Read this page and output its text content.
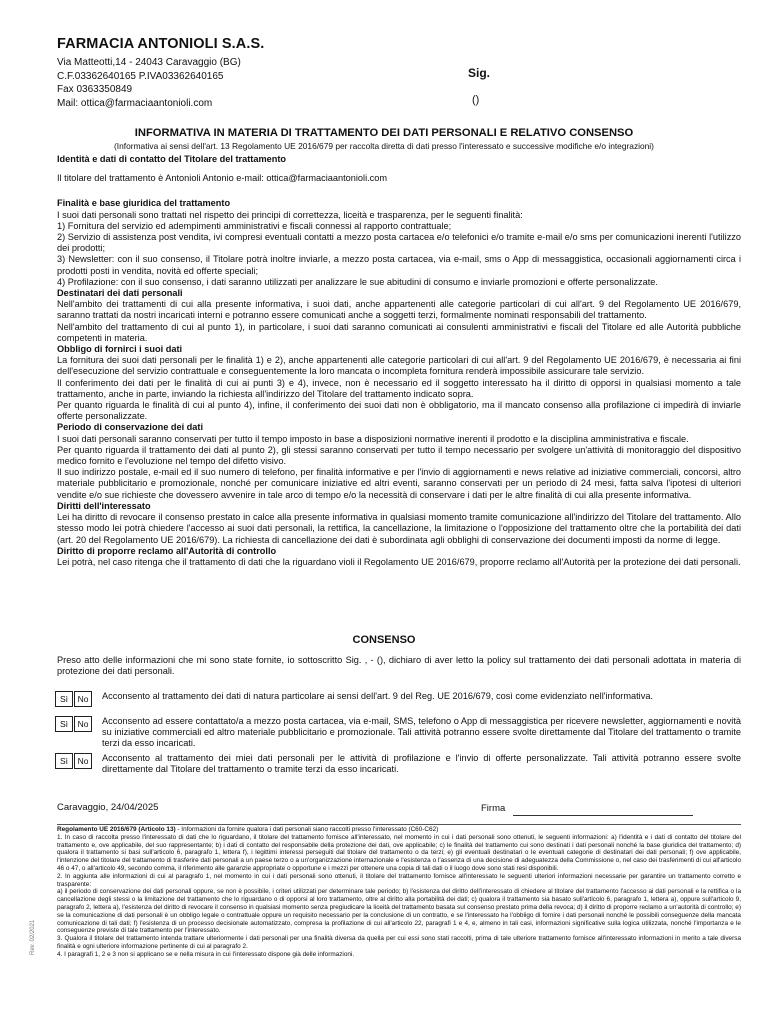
FARMACIA ANTONIOLI S.A.S.
Via Matteotti,14 - 24043 Caravaggio (BG)
C.F.03362640165 P.IVA03362640165
Fax 0363350849
Mail: ottica@farmaciaantonioli.com
Sig.
()
INFORMATIVA IN MATERIA DI TRATTAMENTO DEI DATI PERSONALI E RELATIVO CONSENSO
(Informativa ai sensi dell'art. 13 Regolamento UE 2016/679 per raccolta diretta di dati presso l'interessato e successive modifiche e/o integrazioni)

Identità e dati di contatto del Titolare del trattamento

Il titolare del trattamento è Antonioli Antonio e-mail: ottica@farmaciaantonioli.com

Finalità e base giuridica del trattamento

I suoi dati personali sono trattati nel rispetto dei principi di correttezza, liceità e trasparenza, per le seguenti finalità:

1) Fornitura del servizio ed adempimenti amministrativi e fiscali connessi al rapporto contrattuale;

2) Servizio di assistenza post vendita, ivi compresi eventuali contatti a mezzo posta cartacea e/o telefonici e/o tramite e-mail e/o sms per comunicazioni inerenti l'utilizzo dei prodotti;

3) Newsletter: con il suo consenso, il Titolare potrà inoltre inviarle, a mezzo posta cartacea, via e-mail, sms o App di messaggistica, occasionali aggiornamenti circa i prodotti posti in vendita, novità ed offerte speciali;

4) Profilazione: con il suo consenso, i dati saranno utilizzati per analizzare le sue abitudini di consumo e inviarle promozioni e offerte personalizzate.

Destinatari dei dati personali

Nell'ambito dei trattamenti di cui alla presente informativa, i suoi dati, anche appartenenti alle categorie particolari di cui all'art. 9 del Regolamento UE 2016/679, saranno trattati da nostri incaricati interni e potranno essere comunicati anche a soggetti terzi, formalmente nominati responsabili del trattamento.

Nell'ambito del trattamento di cui al punto 1), in particolare, i suoi dati saranno comunicati ai consulenti amministrativi e fiscali del Titolare ed alle Autorità pubbliche competenti in materia.

Obbligo di fornirci i suoi dati

La fornitura dei suoi dati personali per le finalità 1) e 2), anche appartenenti alle categorie particolari di cui all'art. 9 del Regolamento UE 2016/679, è necessaria ai fini dell'esecuzione del servizio contrattuale e conseguentemente la loro mancata o incompleta fornitura renderà impossibile assicurare tale servizio.

Il conferimento dei dati per le finalità di cui ai punti 3) e 4), invece, non è necessario ed il soggetto interessato ha il diritto di opporsi in qualsiasi momento a tale trattamento, anche in parte, inviando la richiesta all'indirizzo del Titolare del trattamento indicato sopra.

Per quanto riguarda le finalità di cui al punto 4), infine, il conferimento dei suoi dati non è obbligatorio, ma il mancato consenso alla profilazione ci impedirà di inviarle offerte personalizzate.

Periodo di conservazione dei dati

I suoi dati personali saranno conservati per tutto il tempo imposto in base a disposizioni normative inerenti il prodotto e la disciplina amministrativa e fiscale.

Per quanto riguarda il trattamento dei dati al punto 2), gli stessi saranno conservati per tutto il tempo necessario per svolgere un'attività di monitoraggio del dispositivo medico fornito e l'evoluzione nel tempo del difetto visivo.

Il suo indirizzo postale, e-mail ed il suo numero di telefono, per finalità informative e per l'invio di aggiornamenti e news relative ad iniziative commerciali, concorsi, altro materiale pubblicitario e promozionale, nonché per comunicare iniziative ed altri eventi, saranno conservati per un periodo di 24 mesi, fatta salva l'ipotesi di ulteriori vendite e/o sue richieste che dovessero avvenire in tale arco di tempo e/o la necessità di conservare i dati per le altre finalità di cui alla presente informativa.

Diritti dell'interessato

Lei ha diritto di revocare il consenso prestato in calce alla presente informativa in qualsiasi momento tramite comunicazione all'indirizzo del Titolare del trattamento. Allo stesso modo lei potrà chiedere l'accesso ai suoi dati personali, la rettifica, la cancellazione, la limitazione o l'opposizione del trattamento oltre che la portabilità dei dati (art. 20 del Regolamento UE 2016/679). La richiesta di cancellazione dei dati è subordinata agli obblighi di conservazione dei documenti imposti da norme di legge.

Diritto di proporre reclamo all'Autorità di controllo

Lei potrà, nel caso ritenga che il trattamento di dati che la riguardano violi il Regolamento UE 2016/679, proporre reclamo all'Autorità per la protezione dei dati personali.

CONSENSO
Preso atto delle informazioni che mi sono state fornite, io sottoscritto Sig. , - (), dichiaro di aver letto la policy sul trattamento dei dati personali adottata in materia di protezione dei dati personali.
Sì	No	Acconsento al trattamento dei dati di natura particolare ai sensi dell'art. 9 del Reg. UE 2016/679, così come evidenziato nell'informativa.
Sì	No	Acconsento ad essere contattato/a a mezzo posta cartacea, via e-mail, SMS, telefono o App di messaggistica per ricevere newsletter, aggiornamenti e novità su iniziative commerciali ed altro materiale pubblicitario e promozionale. Tali attività potranno essere svolte direttamente dal Titolare del trattamento o tramite terzi da esso incaricati.
Sì	No	Acconsento al trattamento dei miei dati personali per le attività di profilazione e l'invio di offerte personalizzate. Tali attività potranno essere svolte direttamente dal Titolare del trattamento o tramite terzi da esso incaricati.
Caravaggio, 24/04/2025	Firma
Regolamento UE 2016/679 (Articolo 13) - Informazioni da fornire qualora i dati personali siano raccolti presso l'interessato (C60-C62)
1. In caso di raccolta presso l'interessato di dati che lo riguardano, il titolare del trattamento fornisce all'interessato, nel momento in cui i dati personali sono ottenuti, le seguenti informazioni: a) l'identità e i dati di contatto del titolare del trattamento e, ove applicabile, del suo rappresentante; b) i dati di contatto del responsabile della protezione dei dati, ove applicabile; c) le finalità del trattamento cui sono destinati i dati personali nonché la base giuridica del trattamento; d) qualora il trattamento si basi sull'articolo 6, paragrafo 1, lettera f), i legittimi interessi perseguiti dal titolare del trattamento o da terzi; e) gli eventuali destinatari o le eventuali categorie di destinatari dei dati personali; f) ove applicabile, l'intenzione del titolare del trattamento di trasferire dati personali a un paese terzo o a un'organizzazione internazionale e l'esistenza o l'assenza di una decisione di adeguatezza della Commissione o, nel caso dei trasferimenti di cui all'articolo 46 o 47, o all'articolo 49, secondo comma, il riferimento alle garanzie appropriate o opportune e i mezzi per ottenere una copia di tali dati o il luogo dove sono stati resi disponibili.
2. In aggiunta alle informazioni di cui al paragrafo 1, nel momento in cui i dati personali sono ottenuti, il titolare del trattamento fornisce all'interessato le seguenti ulteriori informazioni necessarie per garantire un trattamento corretto e trasparente:
a) il periodo di conservazione dei dati personali oppure, se non è possibile, i criteri utilizzati per determinare tale periodo; b) l'esistenza del diritto dell'interessato di chiedere al titolare del trattamento l'accesso ai dati personali e la rettifica o la cancellazione degli stessi o la limitazione del trattamento che lo riguardano o di opporsi al loro trattamento, oltre al diritto alla portabilità dei dati; c) qualora il trattamento sia basato sull'articolo 6, paragrafo 1, lettera a), oppure sull'articolo 9, paragrafo 2, lettera a), l'esistenza del diritto di revocare il consenso in qualsiasi momento senza pregiudicare la liceità del trattamento basata sul consenso prestato prima della revoca; d) il diritto di proporre reclamo a un'autorità di controllo; e) se la comunicazione di dati personali è un obbligo legale o contrattuale oppure un requisito necessario per la conclusione di un contratto, e se l'interessato ha l'obbligo di fornire i dati personali nonché le possibili conseguenze della mancata comunicazione di tali dati; f) l'esistenza di un processo decisionale automatizzato, compresa la profilazione di cui all'articolo 22, paragrafi 1 e 4, e, almeno in tali casi, informazioni significative sulla logica utilizzata, nonché l'importanza e le conseguenze previste di tale trattamento per l'interessato.
3. Qualora il titolare del trattamento intenda trattare ulteriormente i dati personali per una finalità diversa da quella per cui essi sono stati raccolti, prima di tale ulteriore trattamento fornisce all'interessato informazioni in merito a tale diversa finalità e ogni ulteriore informazione pertinente di cui al paragrafo 2.
4. I paragrafi 1, 2 e 3 non si applicano se e nella misura in cui l'interessato dispone già delle informazioni.
Rev. 02/2021
